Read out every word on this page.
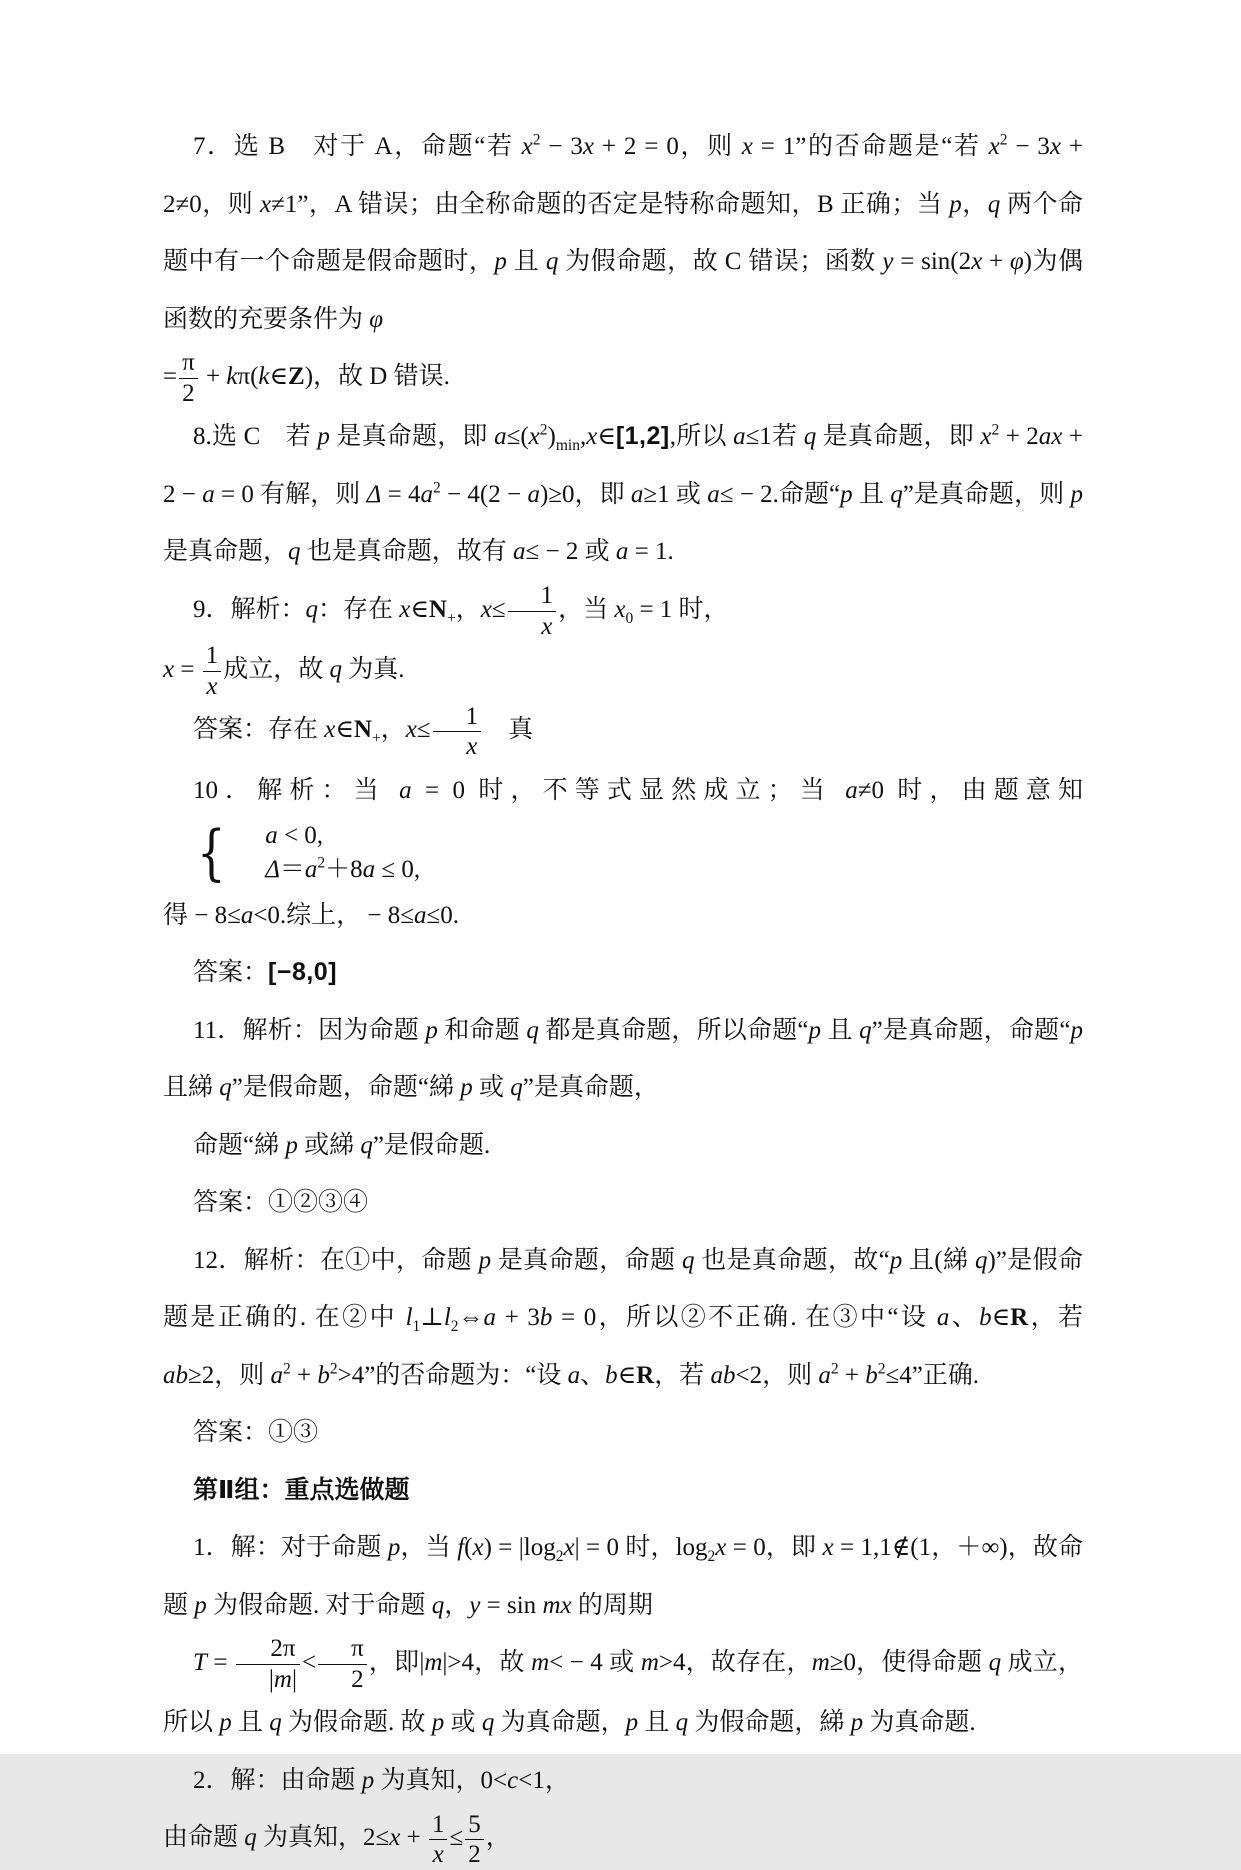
7．选 B　对于 A，命题“若 $x^2 - 3x + 2 = 0$，则 x = 1”的否命题是“若 $x^2 - 3x + 2\ne 0$，则 x≠1”，A 错误；由全称命题的否定是特称命题知，B 正确；当 p，q 两个命题中有一个命题是假命题时，p 且 q 为假命题，故 C 错误；函数 y = sin(2x + φ)为偶函数的充要条件为 φ

= $\frac{\pi}{2}$ + kπ(k∈Z)，故 D 错误.

8.选 C　若 p 是真命题，即 $a\le(x^2)_{min},x\in[1,2]$,所以 a≤1若 q 是真命题，即 $x^2 + 2ax + 2 - a = 0$ 有解，则 $\Delta = 4a^2 - 4(2 - a)\ge 0$，即 a≥1 或 a≤ − 2.命题“p 且 q”是真命题，则 p 是真命题，q 也是真命题，故有 a≤ − 2 或 a = 1.

9．解析：q：存在 $x\in N_+$，$x\le \frac{1}{x}$ ，当 $x_0 = 1$ 时，

$x = \frac{1}{x}$ 成立，故 q 为真.

答案：存在 $x\in N_+$，$x\le \frac{1}{x}$ 　真

10．解析：当 a = 0 时，不等式显然成立；当 a≠0 时，由题意知
{	a < 0,
$\Delta=a^2+8a \le 0$,

得 − 8≤a<0.综上， − 8≤a≤0.

答案：[−8,0]

11．解析：因为命题 p 和命题 q 都是真命题，所以命题“p 且 q”是真命题，命题“p 且綈 q”是假命题，命题“綈 p 或 q”是真命题，

命题“綈 p 或綈 q”是假命题.

答案：①②③④

12．解析：在①中，命题 p 是真命题，命题 q 也是真命题，故“p 且(綈 q)”是假命题是正确的. 在②中 $l_1\perp l_2\Leftrightarrow a + 3b = 0$，所以②不正确. 在③中“设 a、b∈R，若 ab≥2，则 $a^2 + b^2>4$”的否命题为：“设 a、b∈R，若 ab<2，则 $a^2 + b^2\le 4$”正确.

答案：①③

第Ⅱ组：重点选做题

1．解：对于命题 p，当 $f(x) = |\log_2x| = 0$ 时，$\log_2x = 0$，即 x = 1,1∉(1，＋∞)，故命题 p 为假命题. 对于命题 q，y = sin mx 的周期

$T = \frac{2\pi}{|m|} < \frac{\pi}{2}$ ，即|m|>4，故 m< − 4 或 m>4，故存在，m≥0，使得命题 q 成立，所以 p 且 q 为假命题. 故 p 或 q 为真命题，p 且 q 为假命题，綈 p 为真命题.

2．解：由命题 p 为真知，0<c<1，

由命题 q 为真知，$2\le x + \frac{1}{x} \le \frac{5}{2}$ ，
